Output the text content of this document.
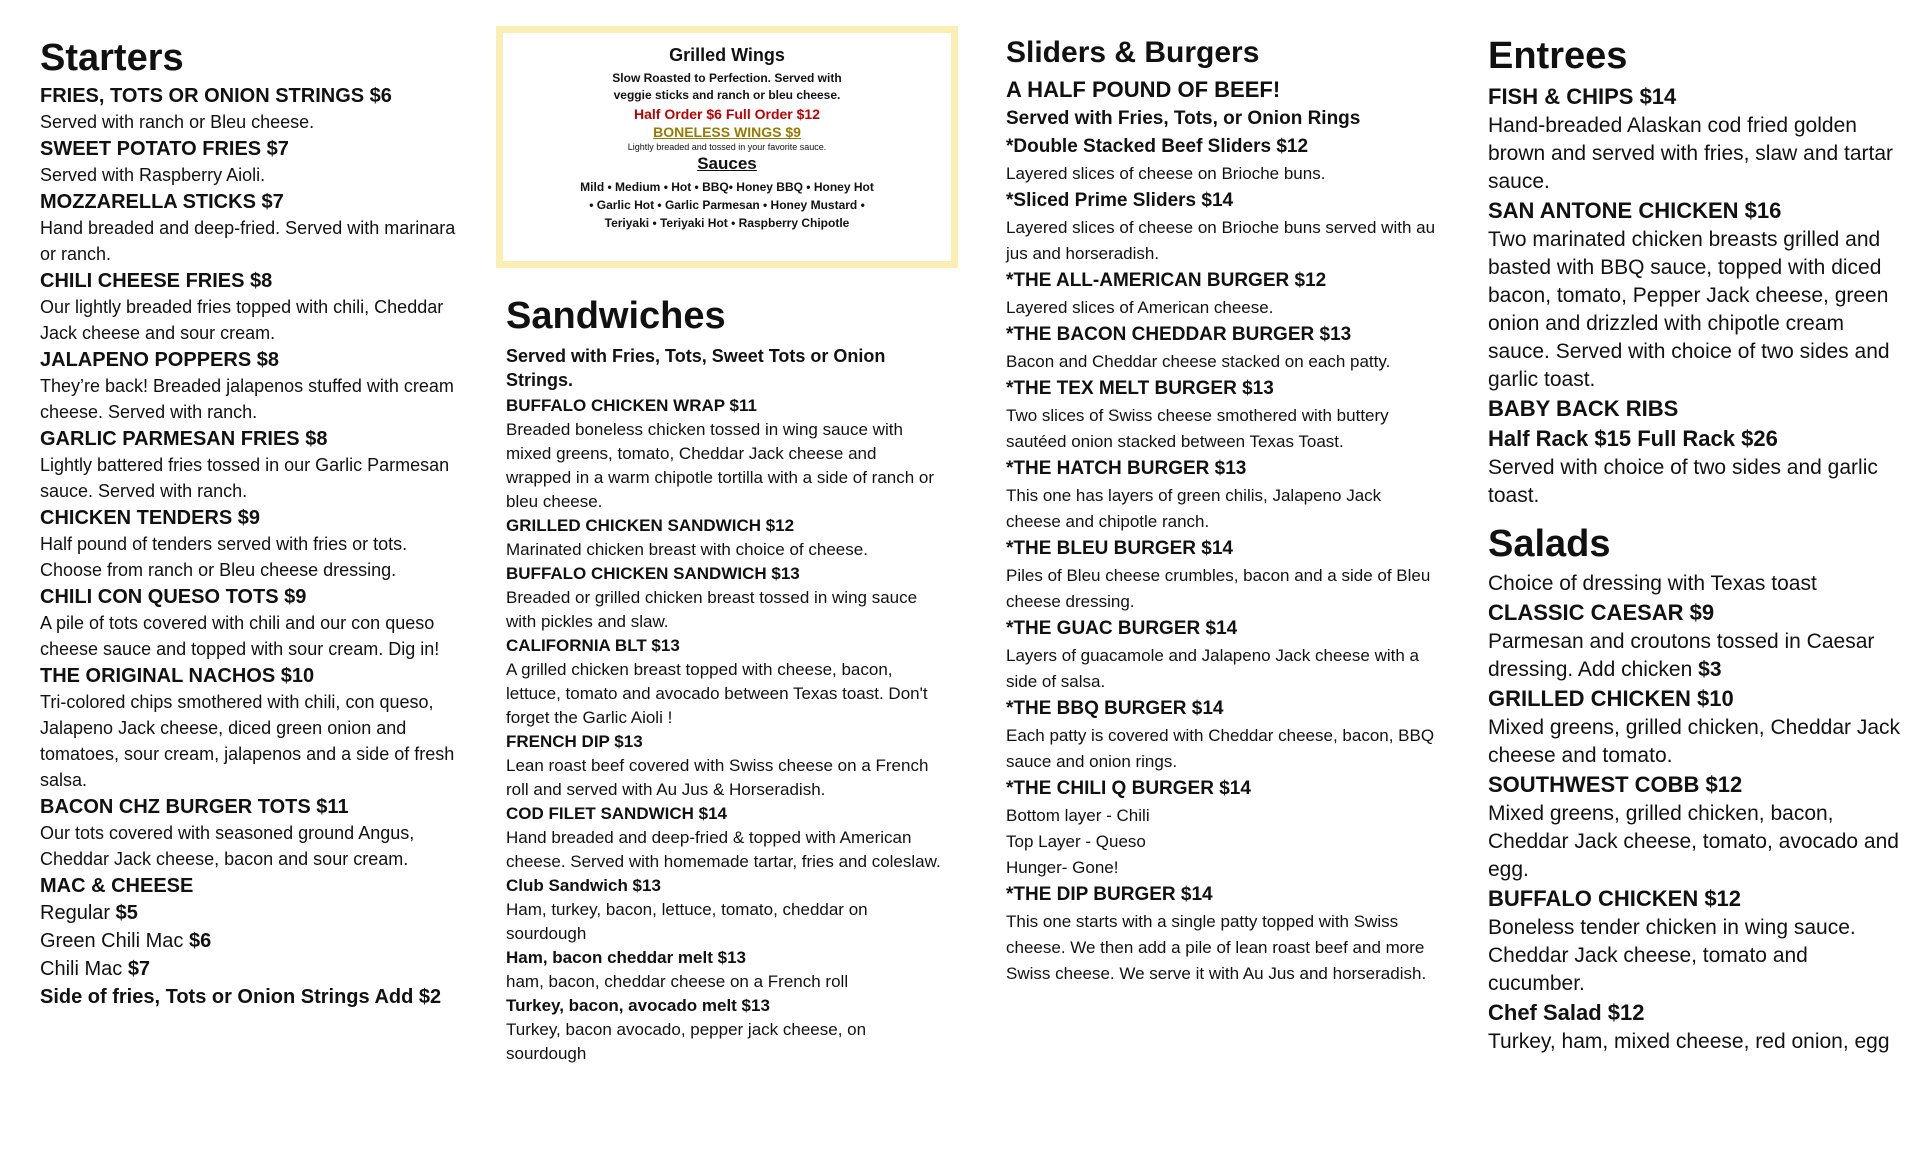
Starters

FRIES, TOTS OR ONION STRINGS $6

Served with ranch or Bleu cheese.

SWEET POTATO FRIES $7

Served with Raspberry Aioli.

MOZZARELLA STICKS $7

Hand breaded and deep-fried. Served with marinara or ranch.

CHILI CHEESE FRIES $8

Our lightly breaded fries topped with chili, Cheddar Jack cheese and sour cream.

JALAPENO POPPERS $8

They’re back! Breaded jalapenos stuffed with cream cheese. Served with ranch.

GARLIC PARMESAN FRIES $8

Lightly battered fries tossed in our Garlic Parmesan sauce. Served with ranch.

CHICKEN TENDERS $9

Half pound of tenders served with fries or tots. Choose from ranch or Bleu cheese dressing.

CHILI CON QUESO TOTS $9

A pile of tots covered with chili and our con queso cheese sauce and topped with sour cream. Dig in!

THE ORIGINAL NACHOS $10

Tri-colored chips smothered with chili, con queso, Jalapeno Jack cheese, diced green onion and tomatoes, sour cream, jalapenos and a side of fresh salsa.

BACON CHZ BURGER TOTS $11

Our tots covered with seasoned ground Angus, Cheddar Jack cheese, bacon and sour cream.

MAC & CHEESE

Regular $5

Green Chili Mac $6

Chili Mac $7

Side of fries, Tots or Onion Strings Add $2

Grilled Wings

Slow Roasted to Perfection. Served with

veggie sticks and ranch or bleu cheese.

Half Order $6 Full Order $12

BONELESS WINGS $9

Lightly breaded and tossed in your favorite sauce.

Sauces

Mild • Medium • Hot • BBQ• Honey BBQ • Honey Hot • Garlic Hot • Garlic Parmesan • Honey Mustard • Teriyaki • Teriyaki Hot • Raspberry Chipotle

Sandwiches

Served with Fries, Tots, Sweet Tots or Onion Strings.

BUFFALO CHICKEN WRAP $11

Breaded boneless chicken tossed in wing sauce with mixed greens, tomato, Cheddar Jack cheese and wrapped in a warm chipotle tortilla with a side of ranch or bleu cheese.

GRILLED CHICKEN SANDWICH $12

Marinated chicken breast with choice of cheese.

BUFFALO CHICKEN SANDWICH $13

Breaded or grilled chicken breast tossed in wing sauce with pickles and slaw.

CALIFORNIA BLT $13

A grilled chicken breast topped with cheese, bacon, lettuce, tomato and avocado between Texas toast. Don't forget the Garlic Aioli !

FRENCH DIP $13

Lean roast beef covered with Swiss cheese on a French roll and served with Au Jus & Horseradish.

COD FILET SANDWICH $14

Hand breaded and deep-fried & topped with American cheese. Served with homemade tartar, fries and coleslaw.

Club Sandwich $13

Ham, turkey, bacon, lettuce, tomato, cheddar on sourdough

Ham, bacon cheddar melt $13

ham, bacon, cheddar cheese on a French roll

Turkey, bacon, avocado melt $13

Turkey, bacon avocado, pepper jack cheese, on sourdough

Sliders & Burgers

A HALF POUND OF BEEF!

Served with Fries, Tots, or Onion Rings

*Double Stacked Beef Sliders $12

Layered slices of cheese on Brioche buns.

*Sliced Prime Sliders $14

Layered slices of cheese on Brioche buns served with au jus and horseradish.

*THE ALL-AMERICAN BURGER $12

Layered slices of American cheese.

*THE BACON CHEDDAR BURGER $13

Bacon and Cheddar cheese stacked on each patty.

*THE TEX MELT BURGER $13

Two slices of Swiss cheese smothered with buttery sautéed onion stacked between Texas Toast.

*THE HATCH BURGER $13

This one has layers of green chilis, Jalapeno Jack cheese and chipotle ranch.

*THE BLEU BURGER $14

Piles of Bleu cheese crumbles, bacon and a side of Bleu cheese dressing.

*THE GUAC BURGER $14

Layers of guacamole and Jalapeno Jack cheese with a side of salsa.

*THE BBQ BURGER $14

Each patty is covered with Cheddar cheese, bacon, BBQ sauce and onion rings.

*THE CHILI Q BURGER $14

Bottom layer - Chili

Top Layer - Queso

Hunger- Gone!

*THE DIP BURGER $14

This one starts with a single patty topped with Swiss cheese. We then add a pile of lean roast beef and more Swiss cheese. We serve it with Au Jus and horseradish.

Entrees

FISH & CHIPS $14

Hand-breaded Alaskan cod fried golden brown and served with fries, slaw and tartar sauce.

SAN ANTONE CHICKEN $16

Two marinated chicken breasts grilled and basted with BBQ sauce, topped with diced bacon, tomato, Pepper Jack cheese, green onion and drizzled with chipotle cream sauce. Served with choice of two sides and garlic toast.

BABY BACK RIBS

Half Rack $15 Full Rack $26

Served with choice of two sides and garlic toast.

Salads

Choice of dressing with Texas toast

CLASSIC CAESAR $9

Parmesan and croutons tossed in Caesar dressing. Add chicken $3

GRILLED CHICKEN $10

Mixed greens, grilled chicken, Cheddar Jack cheese and tomato.

SOUTHWEST COBB $12

Mixed greens, grilled chicken, bacon, Cheddar Jack cheese, tomato, avocado and egg.

BUFFALO CHICKEN $12

Boneless tender chicken in wing sauce. Cheddar Jack cheese, tomato and cucumber.

Chef Salad $12

Turkey, ham, mixed cheese, red onion, egg
